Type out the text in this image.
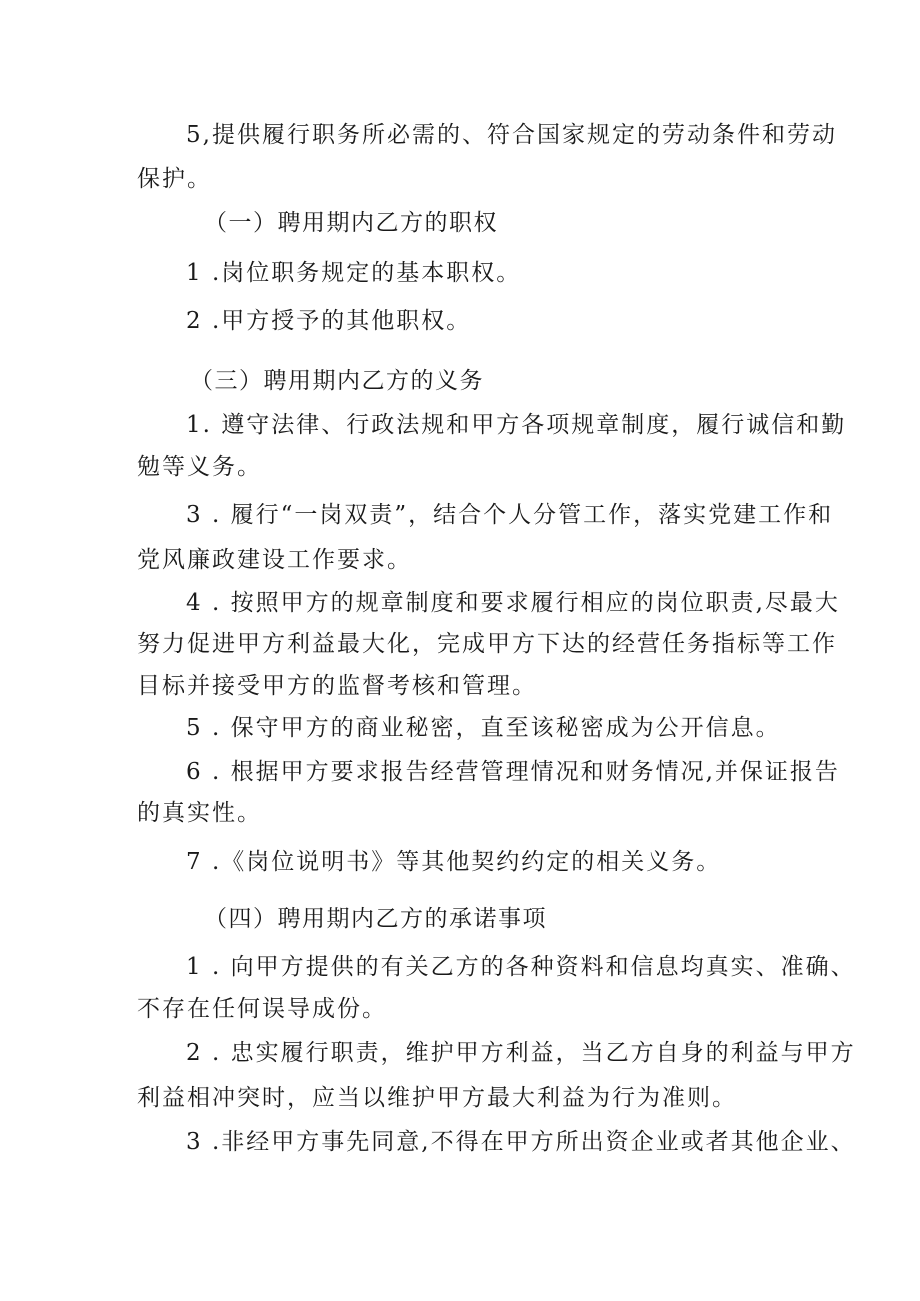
5,提供履行职务所必需的、符合国家规定的劳动条件和劳动
保护。
（一）聘用期内乙方的职权
1 .岗位职务规定的基本职权。
2 .甲方授予的其他职权。
（三）聘用期内乙方的义务
1. 遵守法律、行政法规和甲方各项规章制度，履行诚信和勤
勉等义务。
3 . 履行“一岗双责”，结合个人分管工作，落实党建工作和
党风廉政建设工作要求。
4 . 按照甲方的规章制度和要求履行相应的岗位职责,尽最大
努力促进甲方利益最大化，完成甲方下达的经营任务指标等工作
目标并接受甲方的监督考核和管理。
5 . 保守甲方的商业秘密，直至该秘密成为公开信息。
6 . 根据甲方要求报告经营管理情况和财务情况,并保证报告
的真实性。
7 .《岗位说明书》等其他契约约定的相关义务。
（四）聘用期内乙方的承诺事项
1 . 向甲方提供的有关乙方的各种资料和信息均真实、准确、
不存在任何误导成份。
2 . 忠实履行职责，维护甲方利益，当乙方自身的利益与甲方
利益相冲突时，应当以维护甲方最大利益为行为准则。
3 .非经甲方事先同意,不得在甲方所出资企业或者其他企业、
